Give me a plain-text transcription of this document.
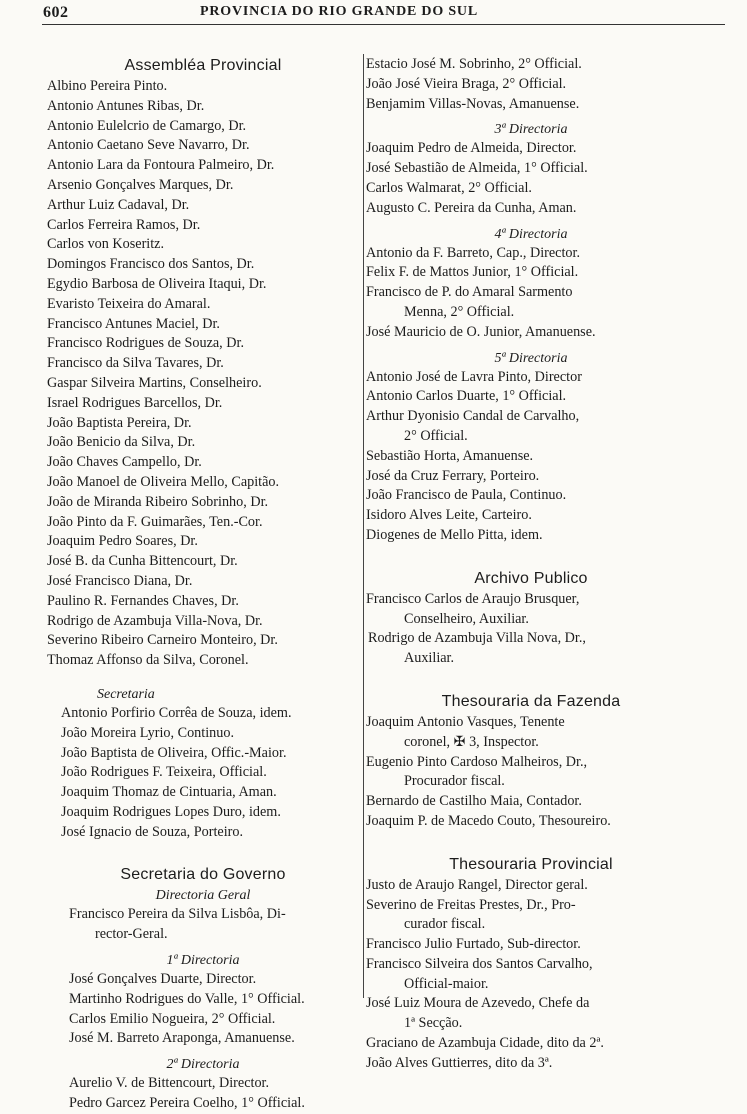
602	PROVINCIA DO RIO GRANDE DO SUL

Assembléa Provincial

Albino Pereira Pinto.

Antonio Antunes Ribas, Dr.

Antonio Eulelcrio de Camargo, Dr.

Antonio Caetano Seve Navarro, Dr.

Antonio Lara da Fontoura Palmeiro, Dr.

Arsenio Gonçalves Marques, Dr.

Arthur Luiz Cadaval, Dr.

Carlos Ferreira Ramos, Dr.

Carlos von Koseritz.

Domingos Francisco dos Santos, Dr.

Egydio Barbosa de Oliveira Itaqui, Dr.

Evaristo Teixeira do Amaral.

Francisco Antunes Maciel, Dr.

Francisco Rodrigues de Souza, Dr.

Francisco da Silva Tavares, Dr.

Gaspar Silveira Martins, Conselheiro.

Israel Rodrigues Barcellos, Dr.

João Baptista Pereira, Dr.

João Benicio da Silva, Dr.

João Chaves Campello, Dr.

João Manoel de Oliveira Mello, Capitão.

João de Miranda Ribeiro Sobrinho, Dr.

João Pinto da F. Guimarães, Ten.-Cor.

Joaquim Pedro Soares, Dr.

José B. da Cunha Bittencourt, Dr.

José Francisco Diana, Dr.

Paulino R. Fernandes Chaves, Dr.

Rodrigo de Azambuja Villa-Nova, Dr.

Severino Ribeiro Carneiro Monteiro, Dr.

Thomaz Affonso da Silva, Coronel.

Secretaria

Antonio Porfirio Corrêa de Souza, idem.

João Moreira Lyrio, Continuo.

João Baptista de Oliveira, Offic.-Maior.

João Rodrigues F. Teixeira, Official.

Joaquim Thomaz de Cintuaria, Aman.

Joaquim Rodrigues Lopes Duro, idem.

José Ignacio de Souza, Porteiro.

Secretaria do Governo

Directoria Geral

Francisco Pereira da Silva Lisbôa, Di-

rector-Geral.

1ª Directoria

José Gonçalves Duarte, Director.

Martinho Rodrigues do Valle, 1° Official.

Carlos Emilio Nogueira, 2° Official.

José M. Barreto Araponga, Amanuense.

2ª Directoria

Aurelio V. de Bittencourt, Director.

Pedro Garcez Pereira Coelho, 1° Official.

Estacio José M. Sobrinho, 2° Official.

João José Vieira Braga, 2° Official.

Benjamim Villas-Novas, Amanuense.

3ª Directoria

Joaquim Pedro de Almeida, Director.

José Sebastião de Almeida, 1° Official.

Carlos Walmarat, 2° Official.

Augusto C. Pereira da Cunha, Aman.

4ª Directoria

Antonio da F. Barreto, Cap., Director.

Felix F. de Mattos Junior, 1° Official.

Francisco de P. do Amaral Sarmento

Menna, 2° Official.

José Mauricio de O. Junior, Amanuense.

5ª Directoria

Antonio José de Lavra Pinto, Director

Antonio Carlos Duarte, 1° Official.

Arthur Dyonisio Candal de Carvalho,

2° Official.

Sebastião Horta, Amanuense.

José da Cruz Ferrary, Porteiro.

João Francisco de Paula, Continuo.

Isidoro Alves Leite, Carteiro.

Diogenes de Mello Pitta, idem.

Archivo Publico

Francisco Carlos de Araujo Brusquer,

Conselheiro, Auxiliar.

Rodrigo de Azambuja Villa Nova, Dr.,

Auxiliar.

Thesouraria da Fazenda

Joaquim Antonio Vasques, Tenente

coronel, ✠ 3, Inspector.

Eugenio Pinto Cardoso Malheiros, Dr.,

Procurador fiscal.

Bernardo de Castilho Maia, Contador.

Joaquim P. de Macedo Couto, Thesoureiro.

Thesouraria Provincial

Justo de Araujo Rangel, Director geral.

Severino de Freitas Prestes, Dr., Pro-

curador fiscal.

Francisco Julio Furtado, Sub-director.

Francisco Silveira dos Santos Carvalho,

Official-maior.

José Luiz Moura de Azevedo, Chefe da

1ª Secção.

Graciano de Azambuja Cidade, dito da 2ª.

João Alves Guttierres, dito da 3ª.
